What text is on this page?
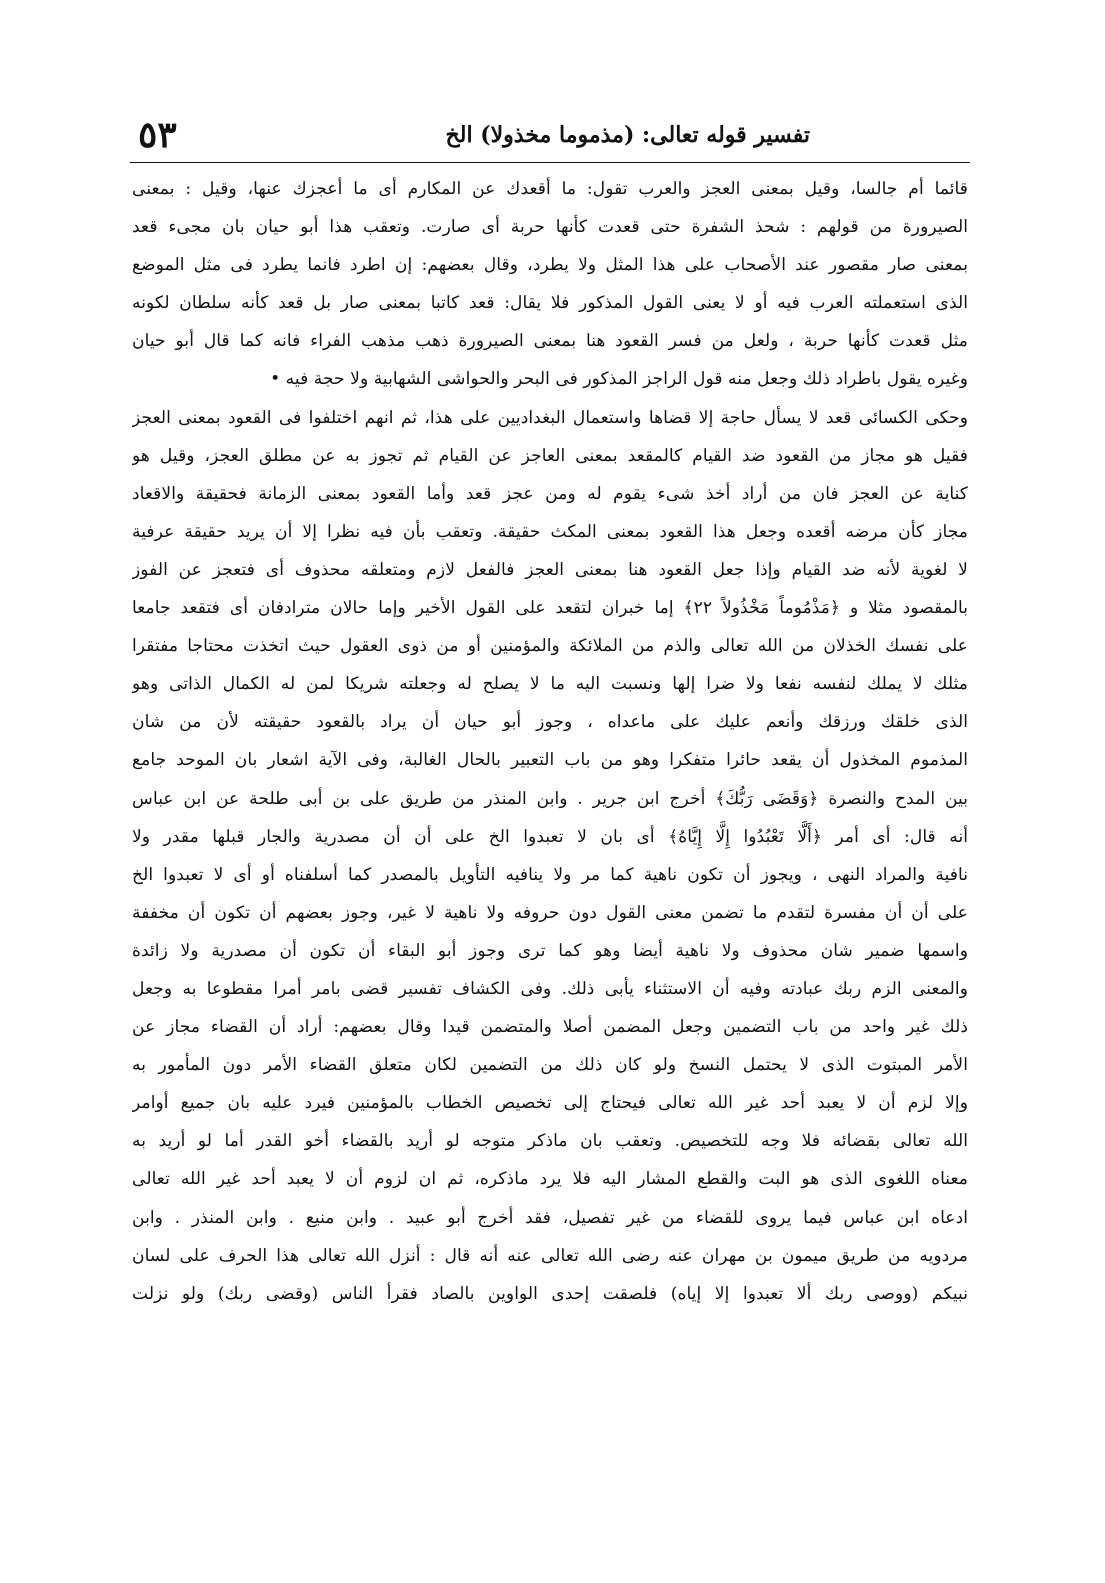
تفسير قوله تعالى: (مذموما مخذولا) الخ
٥٣
قائما أم جالسا، وقيل بمعنى العجز والعرب تقول: ما أقعدك عن المكارم أى ما أعجزك عنها، وقيل : بمعنى
الصيرورة من قولهم : شحذ الشفرة حتى قعدت كأنها حربة أى صارت. وتعقب هذا أبو حيان بان مجىء قعد
بمعنى صار مقصور عند الأصحاب على هذا المثل ولا يطرد، وقال بعضهم: إن اطرد فانما يطرد فى مثل الموضع
الذى استعملته العرب فيه أو لا يعنى القول المذكور فلا يقال: قعد كاتبا بمعنى صار بل قعد كأنه سلطان لكونه
مثل قعدت كأنها حربة ، ولعل من فسر القعود هنا بمعنى الصيرورة ذهب مذهب الفراء فانه كما قال أبو حيان
وغيره يقول باطراد ذلك وجعل منه قول الراجز المذكور فى البحر والحواشى الشهابية ولا حجة فيه •
وحكى الكسائى قعد لا يسأل حاجة إلا قضاها واستعمال البغداديين على هذا، ثم انهم اختلفوا فى القعود بمعنى العجز
فقيل هو مجاز من القعود ضد القيام كالمقعد بمعنى العاجز عن القيام ثم تجوز به عن مطلق العجز، وقيل هو
كناية عن العجز فان من أراد أخذ شىء يقوم له ومن عجز قعد وأما القعود بمعنى الزمانة فحقيقة والاقعاد
مجاز كأن مرضه أقعده وجعل هذا القعود بمعنى المكث حقيقة. وتعقب بأن فيه نظرا إلا أن يريد حقيقة عرفية
لا لغوية لأنه ضد القيام وإذا جعل القعود هنا بمعنى العجز فالفعل لازم ومتعلقه محذوف أى فتعجز عن الفوز
بالمقصود مثلا و ﴿مَذْمُوماً مَخْذُولاً ٢٢﴾ إما خبران لتقعد على القول الأخير وإما حالان مترادفان أى فتقعد جامعا
على نفسك الخذلان من الله تعالى والذم من الملائكة والمؤمنين أو من ذوى العقول حيث اتخذت محتاجا مفتقرا
مثلك لا يملك لنفسه نفعا ولا ضرا إلها ونسبت اليه ما لا يصلح له وجعلته شريكا لمن له الكمال الذاتى وهو
الذى خلقك ورزقك وأنعم عليك على ماعداه ، وجوز أبو حيان أن يراد بالقعود حقيقته لأن من شان
المذموم المخذول أن يقعد حائرا متفكرا وهو من باب التعبير بالحال الغالبة، وفى الآية اشعار بان الموحد جامع
بين المدح والنصرة ﴿وَقَضَى رَبُّكَ﴾ أخرج ابن جرير . وابن المنذر من طريق على بن أبى طلحة عن ابن عباس
أنه قال: أى أمر ﴿أَلَّا تَعْبُدُوا إِلَّا إِيَّاهُ﴾ أى بان لا تعبدوا الخ على أن أن مصدرية والجار قبلها مقدر ولا
نافية والمراد النهى ، ويجوز أن تكون ناهية كما مر ولا ينافيه التأويل بالمصدر كما أسلفناه أو أى لا تعبدوا الخ
على أن أن مفسرة لتقدم ما تضمن معنى القول دون حروفه ولا ناهية لا غير، وجوز بعضهم أن تكون أن مخففة
واسمها ضمير شان محذوف ولا ناهية أيضا وهو كما ترى وجوز أبو البقاء أن تكون أن مصدرية ولا زائدة
والمعنى الزم ربك عبادته وفيه أن الاستثناء يأبى ذلك. وفى الكشاف تفسير قضى بامر أمرا مقطوعا به وجعل
ذلك غير واحد من باب التضمين وجعل المضمن أصلا والمتضمن قيدا وقال بعضهم: أراد أن القضاء مجاز عن
الأمر المبتوت الذى لا يحتمل النسخ ولو كان ذلك من التضمين لكان متعلق القضاء الأمر دون المأمور به
وإلا لزم أن لا يعبد أحد غير الله تعالى فيحتاج إلى تخصيص الخطاب بالمؤمنين فيرد عليه بان جميع أوامر
الله تعالى بقضائه فلا وجه للتخصيص. وتعقب بان ماذكر متوجه لو أريد بالقضاء أخو القدر أما لو أريد به
معناه اللغوى الذى هو البت والقطع المشار اليه فلا يرد ماذكره، ثم ان لزوم أن لا يعبد أحد غير الله تعالى
ادعاه ابن عباس فيما يروى للقضاء من غير تفصيل، فقد أخرج أبو عبيد . وابن منيع . وابن المنذر . وابن
مردويه من طريق ميمون بن مهران عنه رضى الله تعالى عنه أنه قال : أنزل الله تعالى هذا الحرف على لسان
نبيكم (ووصى ربك ألا تعبدوا إلا إياه) فلصقت إحدى الواوين بالصاد فقرأ الناس (وقضى ربك) ولو نزلت
